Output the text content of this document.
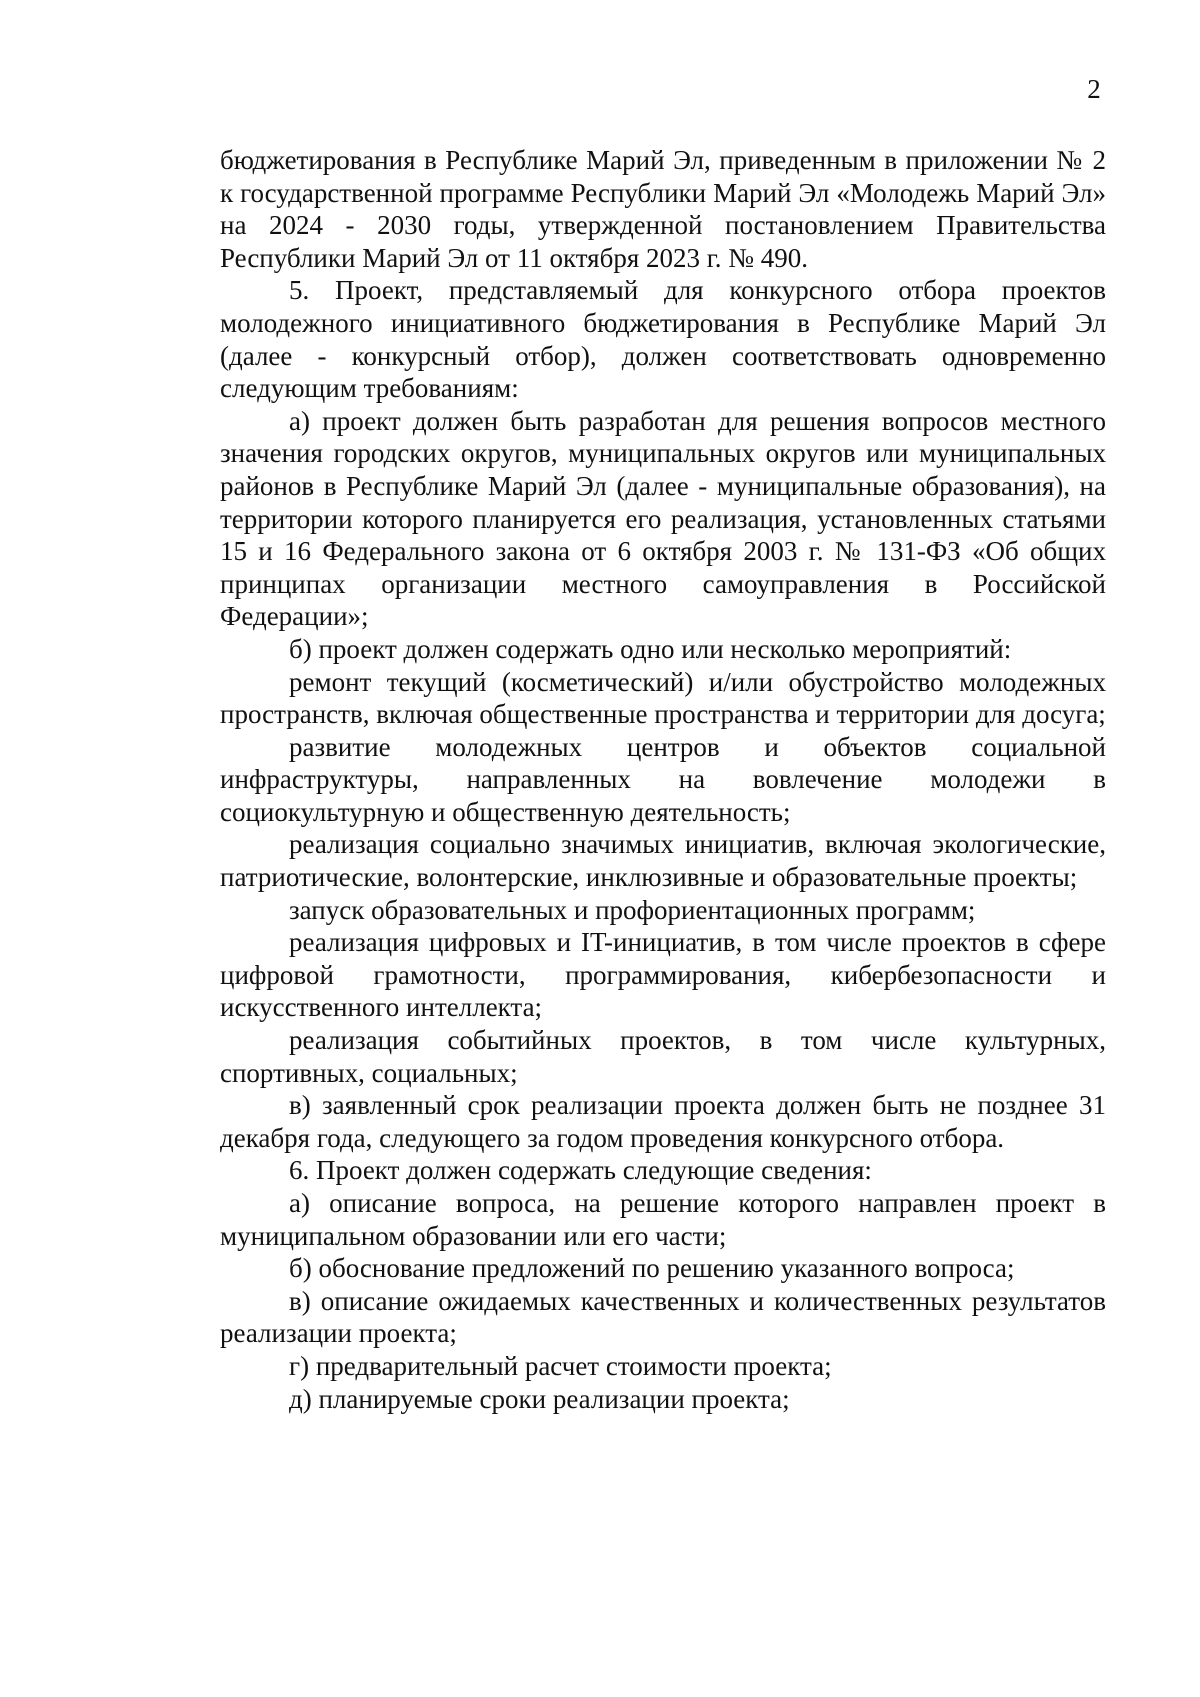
2

бюджетирования в Республике Марий Эл, приведенным в приложении № 2 к государственной программе Республики Марий Эл «Молодежь Марий Эл» на 2024 - 2030 годы, утвержденной постановлением Правительства Республики Марий Эл от 11 октября 2023 г. № 490.

5. Проект, представляемый для конкурсного отбора проектов молодежного инициативного бюджетирования в Республике Марий Эл (далее - конкурсный отбор), должен соответствовать одновременно следующим требованиям:

а) проект должен быть разработан для решения вопросов местного значения городских округов, муниципальных округов или муниципальных районов в Республике Марий Эл (далее - муниципальные образования), на территории которого планируется его реализация, установленных статьями 15 и 16 Федерального закона от 6 октября 2003 г. № 131-ФЗ «Об общих принципах организации местного самоуправления в Российской Федерации»;

б) проект должен содержать одно или несколько мероприятий:

ремонт текущий (косметический) и/или обустройство молодежных пространств, включая общественные пространства и территории для досуга;

развитие молодежных центров и объектов социальной инфраструктуры, направленных на вовлечение молодежи в социокультурную и общественную деятельность;

реализация социально значимых инициатив, включая экологические, патриотические, волонтерские, инклюзивные и образовательные проекты;

запуск образовательных и профориентационных программ;

реализация цифровых и IT-инициатив, в том числе проектов в сфере цифровой грамотности, программирования, кибербезопасности и искусственного интеллекта;

реализация событийных проектов, в том числе культурных, спортивных, социальных;

в) заявленный срок реализации проекта должен быть не позднее 31 декабря года, следующего за годом проведения конкурсного отбора.

6. Проект должен содержать следующие сведения:

а) описание вопроса, на решение которого направлен проект в муниципальном образовании или его части;

б) обоснование предложений по решению указанного вопроса;

в) описание ожидаемых качественных и количественных результатов реализации проекта;

г) предварительный расчет стоимости проекта;

д) планируемые сроки реализации проекта;
